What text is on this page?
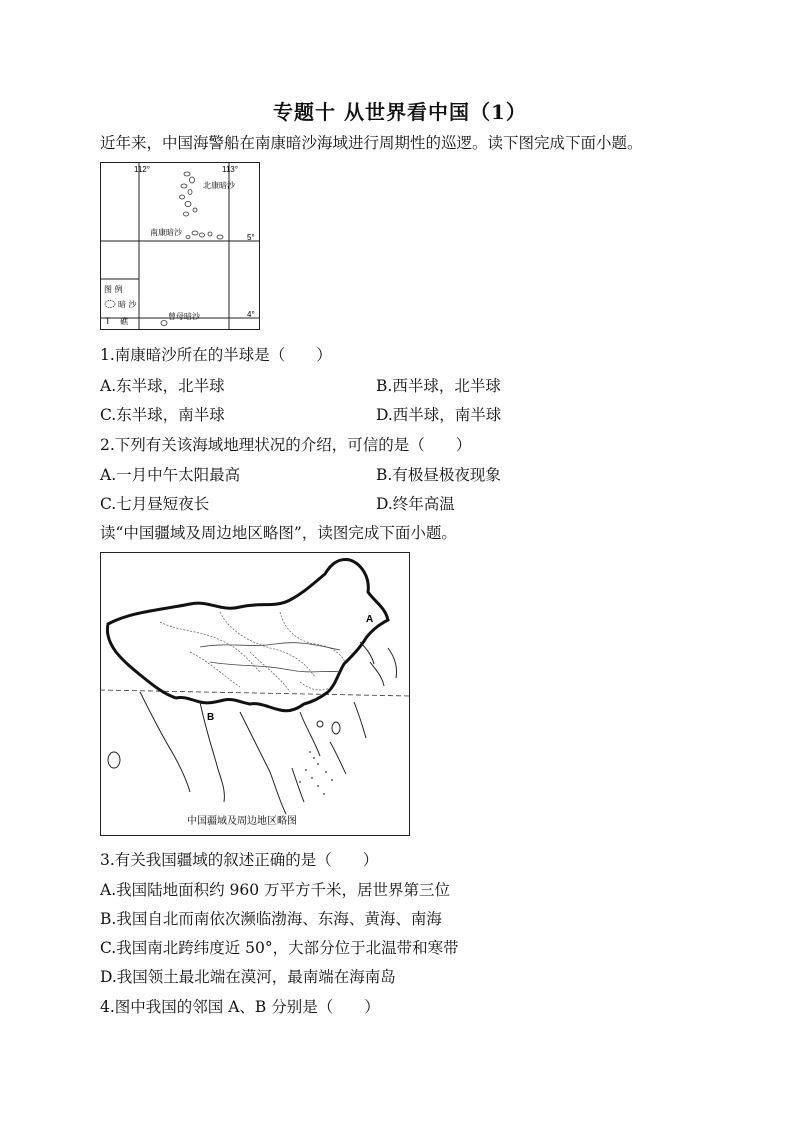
专题十 从世界看中国（1）
近年来，中国海警船在南康暗沙海域进行周期性的巡逻。读下图完成下面小题。
112°	113°
5°
4°
北康暗沙
南康暗沙
曾母暗沙
图 例
暗 沙
T 礁
1.南康暗沙所在的半球是（　　）
A.东半球，北半球	B.西半球，北半球
C.东半球，南半球	D.西半球，南半球
2.下列有关该海域地理状况的介绍，可信的是（　　）
A.一月中午太阳最高	B.有极昼极夜现象
C.七月昼短夜长	D.终年高温
读“中国疆域及周边地区略图”，读图完成下面小题。
A
B
中国疆域及周边地区略图
3.有关我国疆域的叙述正确的是（　　）
A.我国陆地面积约 960 万平方千米，居世界第三位
B.我国自北而南依次濒临渤海、东海、黄海、南海
C.我国南北跨纬度近 50°，大部分位于北温带和寒带
D.我国领土最北端在漠河，最南端在海南岛
4.图中我国的邻国 A、B 分别是（　　）
